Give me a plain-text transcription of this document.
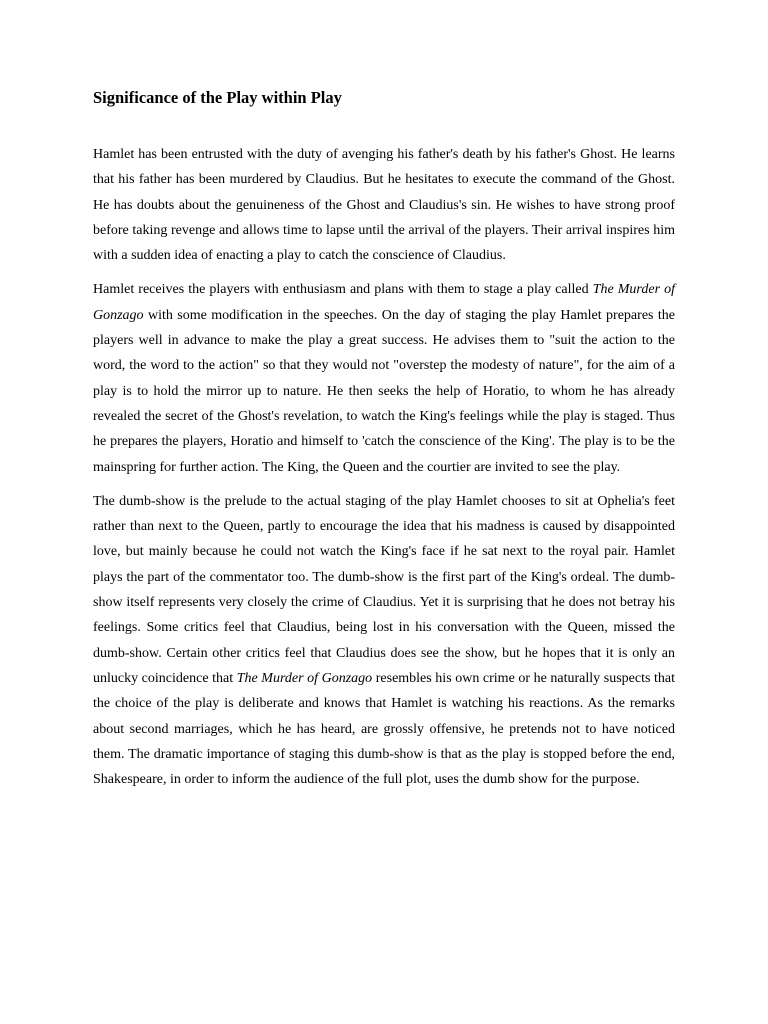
Significance of the Play within Play

Hamlet has been entrusted with the duty of avenging his father's death by his father's Ghost. He learns that his father has been murdered by Claudius. But he hesitates to execute the command of the Ghost. He has doubts about the genuineness of the Ghost and Claudius's sin. He wishes to have strong proof before taking revenge and allows time to lapse until the arrival of the players. Their arrival inspires him with a sudden idea of enacting a play to catch the conscience of Claudius.

Hamlet receives the players with enthusiasm and plans with them to stage a play called The Murder of Gonzago with some modification in the speeches. On the day of staging the play Hamlet prepares the players well in advance to make the play a great success. He advises them to "suit the action to the word, the word to the action" so that they would not "overstep the modesty of nature", for the aim of a play is to hold the mirror up to nature. He then seeks the help of Horatio, to whom he has already revealed the secret of the Ghost's revelation, to watch the King's feelings while the play is staged. Thus he prepares the players, Horatio and himself to 'catch the conscience of the King'. The play is to be the mainspring for further action. The King, the Queen and the courtier are invited to see the play.

The dumb-show is the prelude to the actual staging of the play Hamlet chooses to sit at Ophelia's feet rather than next to the Queen, partly to encourage the idea that his madness is caused by disappointed love, but mainly because he could not watch the King's face if he sat next to the royal pair. Hamlet plays the part of the commentator too. The dumb-show is the first part of the King's ordeal. The dumb-show itself represents very closely the crime of Claudius. Yet it is surprising that he does not betray his feelings. Some critics feel that Claudius, being lost in his conversation with the Queen, missed the dumb-show. Certain other critics feel that Claudius does see the show, but he hopes that it is only an unlucky coincidence that The Murder of Gonzago resembles his own crime or he naturally suspects that the choice of the play is deliberate and knows that Hamlet is watching his reactions. As the remarks about second marriages, which he has heard, are grossly offensive, he pretends not to have noticed them. The dramatic importance of staging this dumb-show is that as the play is stopped before the end, Shakespeare, in order to inform the audience of the full plot, uses the dumb show for the purpose.
